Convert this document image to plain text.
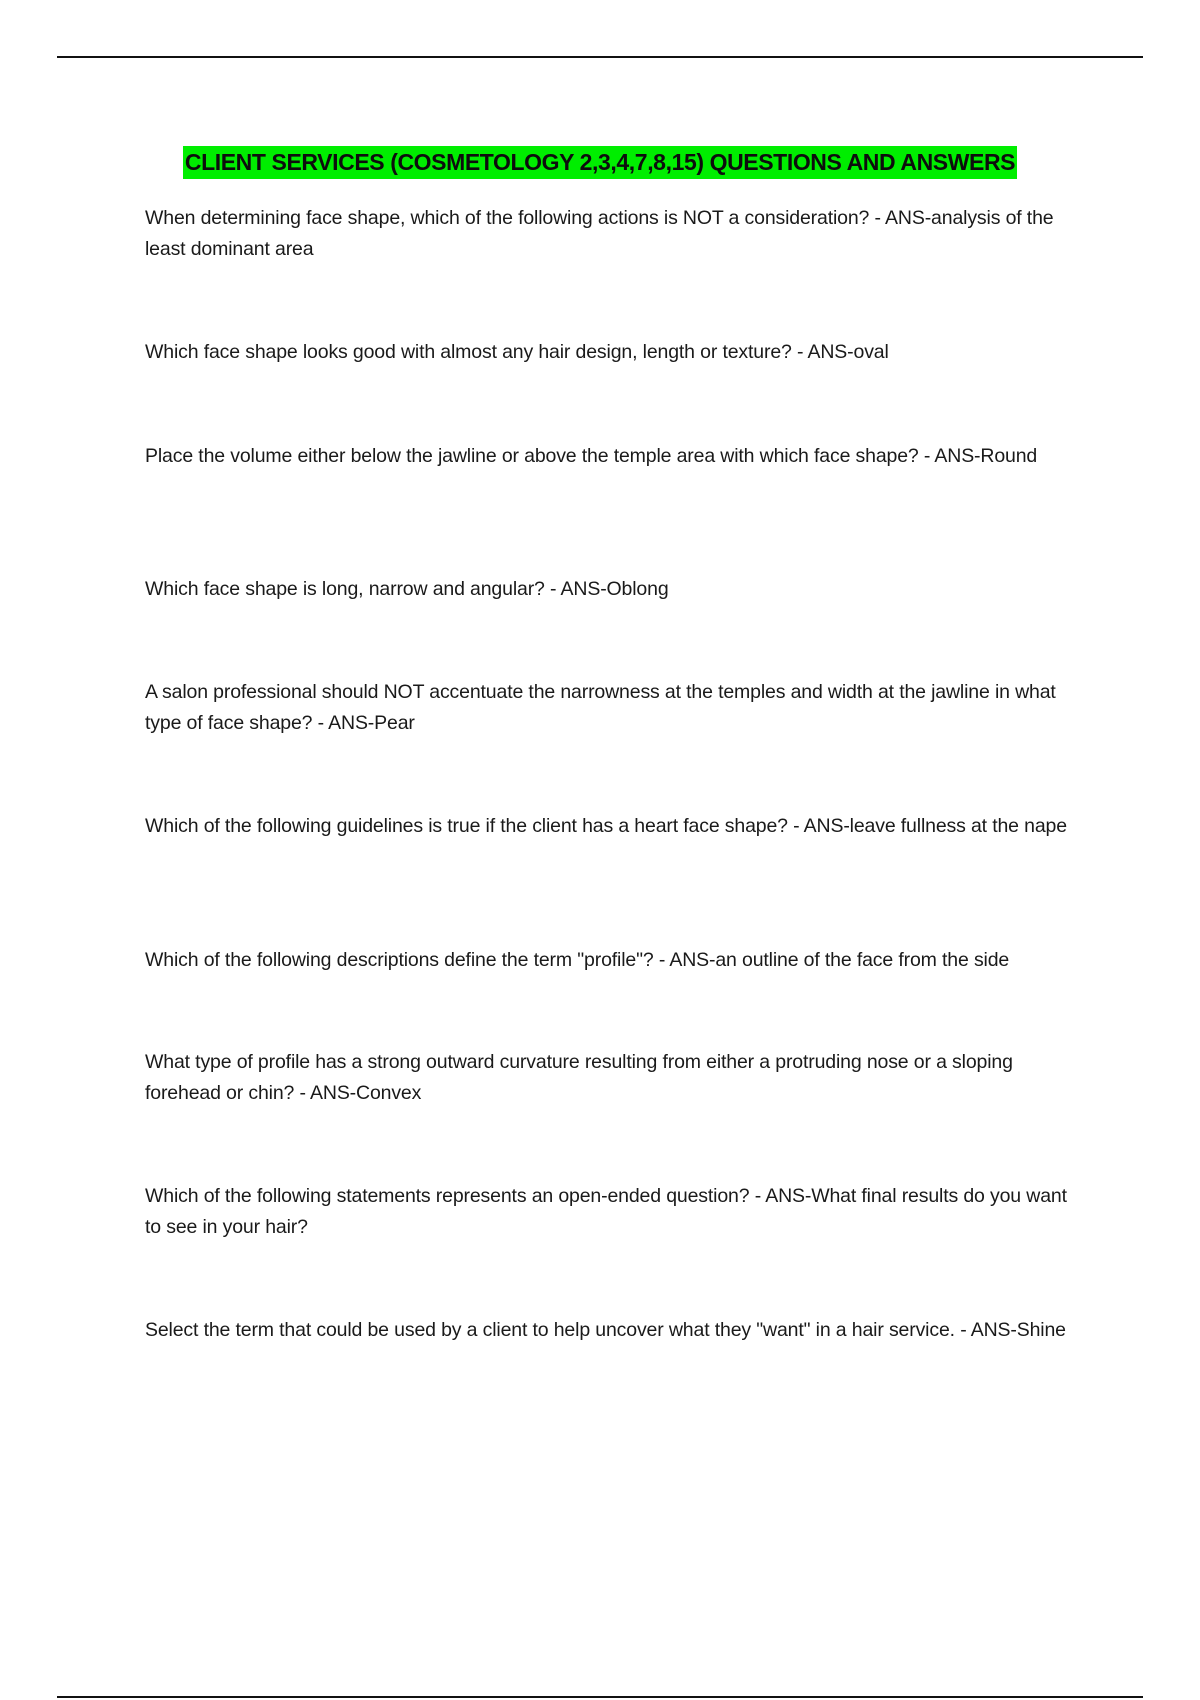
CLIENT SERVICES (COSMETOLOGY 2,3,4,7,8,15) QUESTIONS AND ANSWERS

When determining face shape, which of the following actions is NOT a consideration? - ANS-analysis of the least dominant area

Which face shape looks good with almost any hair design, length or texture? - ANS-oval

Place the volume either below the jawline or above the temple area with which face shape? - ANS-Round

Which face shape is long, narrow and angular? - ANS-Oblong

A salon professional should NOT accentuate the narrowness at the temples and width at the jawline in what type of face shape? - ANS-Pear

Which of the following guidelines is true if the client has a heart face shape? - ANS-leave fullness at the nape

Which of the following descriptions define the term "profile"? - ANS-an outline of the face from the side

What type of profile has a strong outward curvature resulting from either a protruding nose or a sloping forehead or chin? - ANS-Convex

Which of the following statements represents an open-ended question? - ANS-What final results do you want to see in your hair?

Select the term that could be used by a client to help uncover what they "want" in a hair service. - ANS-Shine
